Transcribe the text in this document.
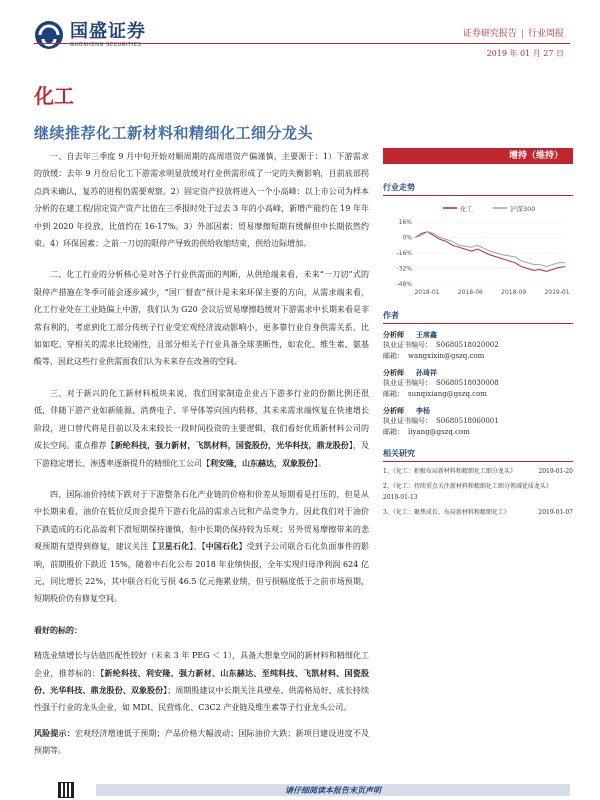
国盛证券
GUOSHENG SECURITIES
证券研究报告 | 行业周报
2019 年 01 月 27 日
化工
继续推荐化工新材料和精细化工细分龙头

一、自去年三季度 9 月中旬开始对顺周期的高周塔资产偏谨慎，主要源于：1）下游需求的放缓：去年 9 月份后化工下游需求明显放缓对行业供需形成了一定的失衡影响，目前底部拐点尚未确认，复苏的进程仍需要观察。2）固定资产投放将进入一个小高峰：以上市公司为样本分析的在建工程/固定资产资产比值在三季报时处于过去 3 年的小高峰，新增产能约在 19 年年中到 2020 年投放，比值约在 16-17%。3）外部因素：贸易摩擦短期有缓解但中长期依然约束。4）环保因素：之前一刀切的限停产导致的供给收缩结束，供给边际增加。

二、化工行业的分析核心是对各子行业供需面的判断，从供给端来看，未来“一刀切”式的限停产措施在冬季可能会逐步减少，“国厂督查”预计是未来环保主要的方向，从需求端来看，化工行业处在工业链偏上中游，我们认为 G20 会议后贸易摩擦趋缓对下游需求中长期来看是非常有利的，考虑到化工部分传统子行业受宏观经济波动影响小，更多靠行业自身供需关系，比如如吃、穿相关的需求比较刚性，且部分相关子行业具备全球垄断性，如农化、维生素、氨基酸等，因此这些行业供需面我们认为未来存在改善的空间。

三、对于新兴的化工新材料板块来说，我们国家制造企业占下游多行业的份额比例还很低，伴随下游产业如新能源、消费电子、半导体等向国内转移，其未来需求端恢复在快速增长阶段，进口替代将是目前以及未来较长一段时间投资的主要逻辑，我们看好优质新材料公司的成长空间。重点推荐【新纶科技，强力新材，飞凯材料，国瓷股份，光华科技，鼎龙股份】，及下游稳定增长、渗透率逐渐提升的精细化工公司【利安隆，山东赫达，双象股份】。

四、国际油价持续下跌对于下游整条石化产业链的价格和价差从短期看是打压的，但是从中长期来看，油价在低位反而会提升下游石化品的需求占比和产品竞争力。因此我们对于油价下跌造成的石化品盈利下滑短期保持谨慎，但中长期仍保持较为乐观；另外贸易摩擦带来的悲观预期有望得到修复，建议关注【卫星石化】、【中国石化】受到子公司联合石化负面事件的影响，前期股价下跌近 15%，随着中石化公布 2018 年业绩快报，全年实现归母净利润 624 亿元，同比增长 22%，其中联合石化亏损 46.5 亿元拖累业绩，但亏损幅度低于之前市场预期，短期股价仍有修复空间。

看好的标的：

精选业绩增长与估值匹配性较好（未来 3 年 PEG ＜ 1），具备大想象空间的新材料和精细化工企业，推荐标的：【新纶科技、利安隆、强力新材、山东赫达、至纯科技、飞凯材料、国瓷股份、光华科技、鼎龙股份、双象股份】；周期股建议中长期关注具壁垒、供需格局好、成长持续性强于行业的龙头企业，如 MDI、民营炼化、C3C2 产业链及维生素等子行业龙头公司。

风险提示：宏观经济增速低于预期；产品价格大幅波动；国际油价大跌；新项目建设进度不及预期等。

增持（维持）
行业走势
化工	沪深300
16%
0%
-16%
-32%
-48%
2018-01	2018-06	2018-09	2019-01
作者
分析师 王席鑫
执业证书编号： S0680518020002
邮箱： wangxixin@gszq.com
分析师 孙琦祥
执业证书编号： S0680518030008
邮箱： sunqixiang@gszq.com
分析师 李杨
执业证书编号： S0680518060001
邮箱： liyang@gszq.com
相关研究
1、《化工：积极布局新材料和精细化工细分龙头》	2019-01-20
2、《化工：持续重点关注新材料和精细化工细分领域优质龙头》
2019-01-13
3、《化工：聚焦成长、布局新材料和精细化工》	2019-01-07
请仔细阅读本报告末页声明
